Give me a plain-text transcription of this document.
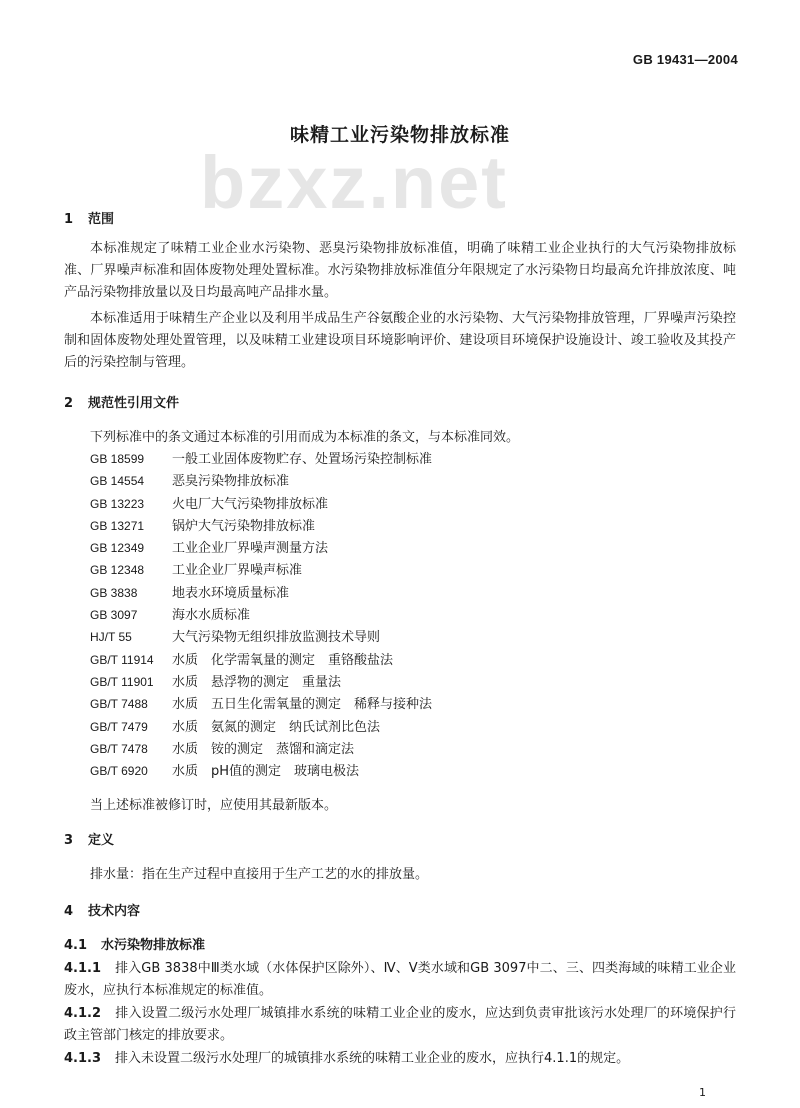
bzxz.net
GB 19431—2004
味精工业污染物排放标准
1 范围
本标准规定了味精工业企业水污染物、恶臭污染物排放标准值，明确了味精工业企业执行的大气污染物排放标准、厂界噪声标准和固体废物处理处置标准。水污染物排放标准值分年限规定了水污染物日均最高允许排放浓度、吨产品污染物排放量以及日均最高吨产品排水量。
本标准适用于味精生产企业以及利用半成品生产谷氨酸企业的水污染物、大气污染物排放管理，厂界噪声污染控制和固体废物处理处置管理，以及味精工业建设项目环境影响评价、建设项目环境保护设施设计、竣工验收及其投产后的污染控制与管理。
2 规范性引用文件
下列标准中的条文通过本标准的引用而成为本标准的条文，与本标准同效。
GB 18599 一般工业固体废物贮存、处置场污染控制标准
GB 14554 恶臭污染物排放标准
GB 13223 火电厂大气污染物排放标准
GB 13271 锅炉大气污染物排放标准
GB 12349 工业企业厂界噪声测量方法
GB 12348 工业企业厂界噪声标准
GB 3838	地表水环境质量标准
GB 3097	海水水质标准
HJ/T 55	大气污染物无组织排放监测技术导则
GB/T 11914 水质　化学需氧量的测定　重铬酸盐法
GB/T 11901 水质　悬浮物的测定　重量法
GB/T 7488 水质　五日生化需氧量的测定　稀释与接种法
GB/T 7479 水质　氨氮的测定　纳氏试剂比色法
GB/T 7478 水质　铵的测定　蒸馏和滴定法
GB/T 6920 水质　pH值的测定　玻璃电极法
当上述标准被修订时，应使用其最新版本。
3 定义
排水量：指在生产过程中直接用于生产工艺的水的排放量。
4 技术内容
4.1 水污染物排放标准
4.1.1 排入GB 3838中Ⅲ类水域（水体保护区除外）、Ⅳ、Ⅴ类水域和GB 3097中二、三、四类海域的味精工业企业废水，应执行本标准规定的标准值。
4.1.2 排入设置二级污水处理厂城镇排水系统的味精工业企业的废水，应达到负责审批该污水处理厂的环境保护行政主管部门核定的排放要求。
4.1.3 排入未设置二级污水处理厂的城镇排水系统的味精工业企业的废水，应执行4.1.1的规定。
1
